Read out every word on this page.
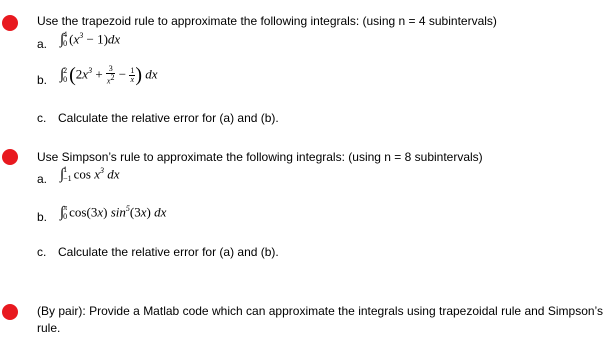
Use the trapezoid rule to approximate the following integrals: (using n = 4 subintervals)
a. ∫ 4
0 $(x^3 - 1)dx$
b. ∫ 2
0 ($2x^3 + \frac{3}{x^2} - \frac{1}{x}$ ) dx
c. Calculate the relative error for (a) and (b).
Use Simpson’s rule to approximate the following integrals: (using n = 8 subintervals)
a. ∫ 1
−1 $\cos x^3$ dx
b. ∫ π
0 cos(3x) $\sin^5(3x)$ dx
c. Calculate the relative error for (a) and (b).
(By pair): Provide a Matlab code which can approximate the integrals using trapezoidal rule and Simpson’s rule.
